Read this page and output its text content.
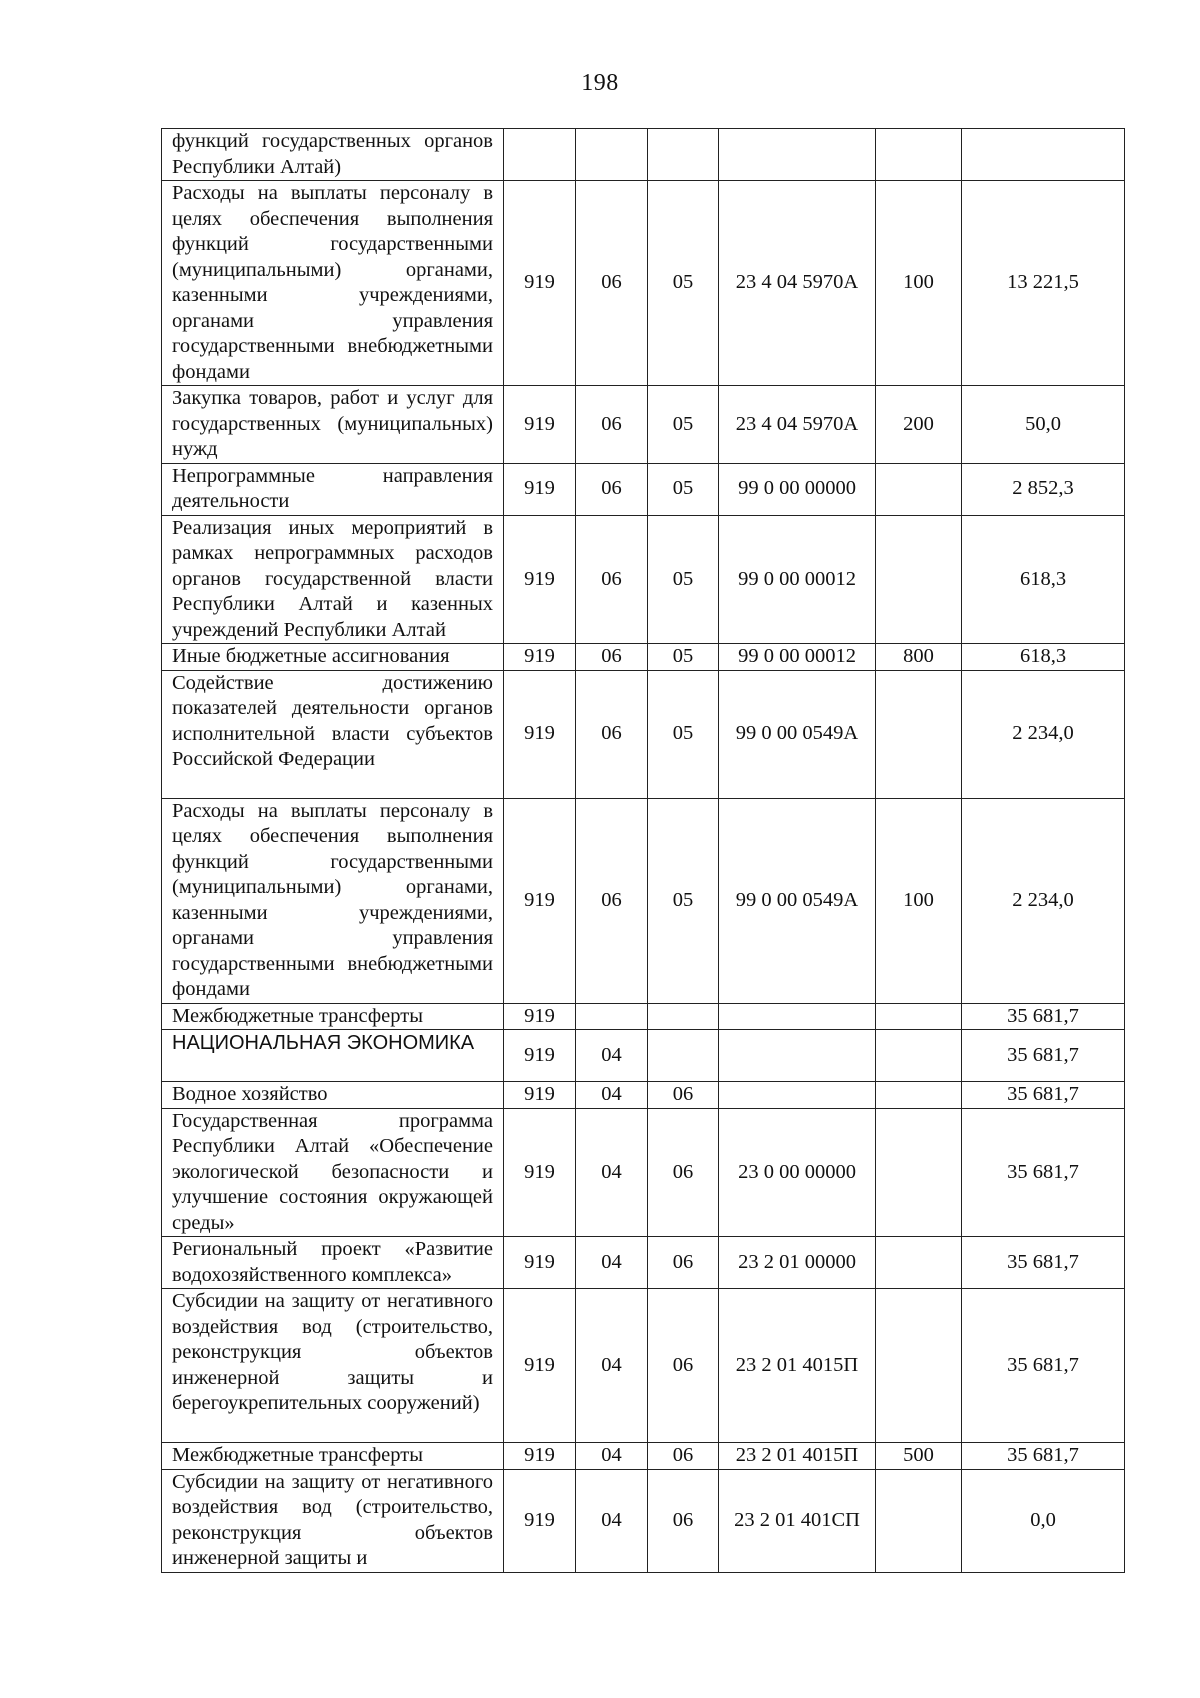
198
функций государственных органов Республики Алтай)						
Расходы на выплаты персоналу в целях обеспечения выполнения функций государственными (муниципальными) органами, казенными учреждениями, органами управления государственными внебюджетными фондами	919	06	05	23 4 04 5970А	100	13 221,5
Закупка товаров, работ и услуг для государственных (муниципальных) нужд	919	06	05	23 4 04 5970А	200	50,0
Непрограммные направления деятельности	919	06	05	99 0 00 00000		2 852,3
Реализация иных мероприятий в рамках непрограммных расходов органов государственной власти Республики Алтай и казенных учреждений Республики Алтай	919	06	05	99 0 00 00012		618,3
Иные бюджетные ассигнования	919	06	05	99 0 00 00012	800	618,3
Содействие достижению показателей деятельности органов исполнительной власти субъектов Российской Федерации	919	06	05	99 0 00 0549А		2 234,0
Расходы на выплаты персоналу в целях обеспечения выполнения функций государственными (муниципальными) органами, казенными учреждениями, органами управления государственными внебюджетными фондами	919	06	05	99 0 00 0549А	100	2 234,0
Межбюджетные трансферты	919					35 681,7
НАЦИОНАЛЬНАЯ ЭКОНОМИКА	919	04				35 681,7
Водное хозяйство	919	04	06			35 681,7
Государственная программа Республики Алтай «Обеспечение экологической безопасности и улучшение состояния окружающей среды»	919	04	06	23 0 00 00000		35 681,7
Региональный проект «Развитие водохозяйственного комплекса»	919	04	06	23 2 01 00000		35 681,7
Субсидии на защиту от негативного воздействия вод (строительство, реконструкция объектов инженерной защиты и берегоукрепительных сооружений)	919	04	06	23 2 01 4015П		35 681,7
Межбюджетные трансферты	919	04	06	23 2 01 4015П	500	35 681,7
Субсидии на защиту от негативного воздействия вод (строительство, реконструкция объектов инженерной защиты и	919	04	06	23 2 01 401СП		0,0
